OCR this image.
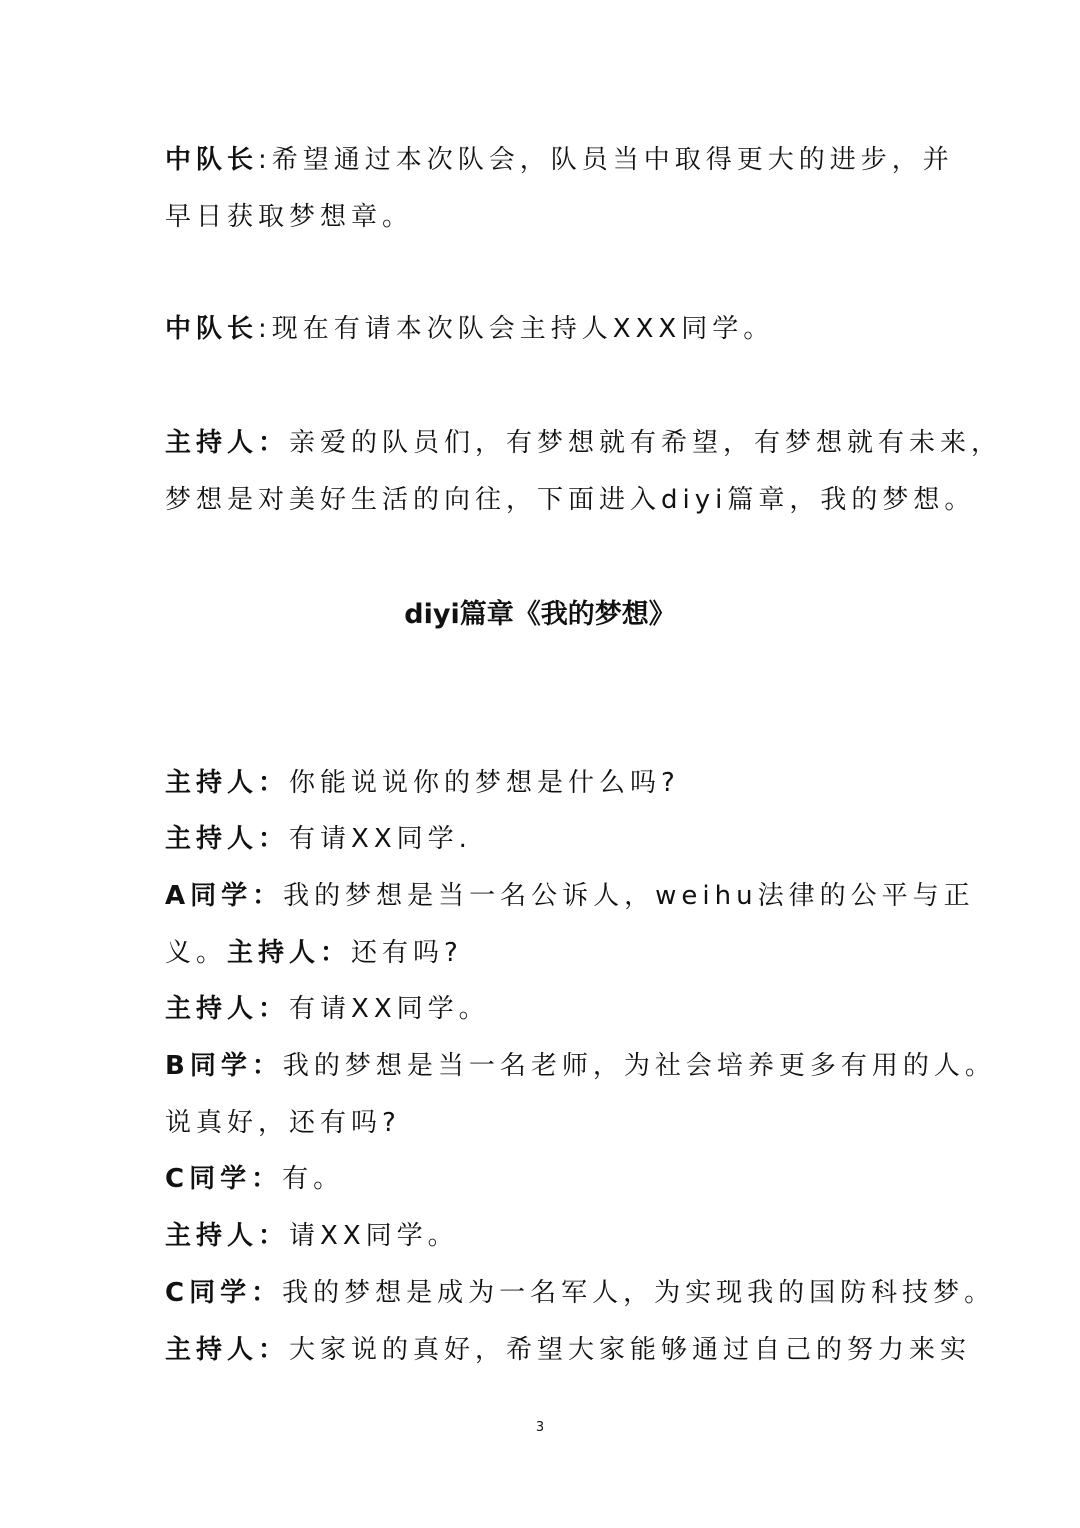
中队长:希望通过本次队会，队员当中取得更大的进步，并
早日获取梦想章。
中队长:现在有请本次队会主持人XXX同学。
主持人：亲爱的队员们，有梦想就有希望，有梦想就有未来，
梦想是对美好生活的向往，下面进入diyi篇章，我的梦想。
diyi篇章《我的梦想》
主持人：你能说说你的梦想是什么吗?
主持人：有请XX同学.
A同学：我的梦想是当一名公诉人，weihu法律的公平与正
义。主持人：还有吗?
主持人：有请XX同学。
B同学：我的梦想是当一名老师，为社会培养更多有用的人。
说真好，还有吗?
C同学：有。
主持人：请XX同学。
C同学：我的梦想是成为一名军人，为实现我的国防科技梦。
主持人：大家说的真好，希望大家能够通过自己的努力来实
3
